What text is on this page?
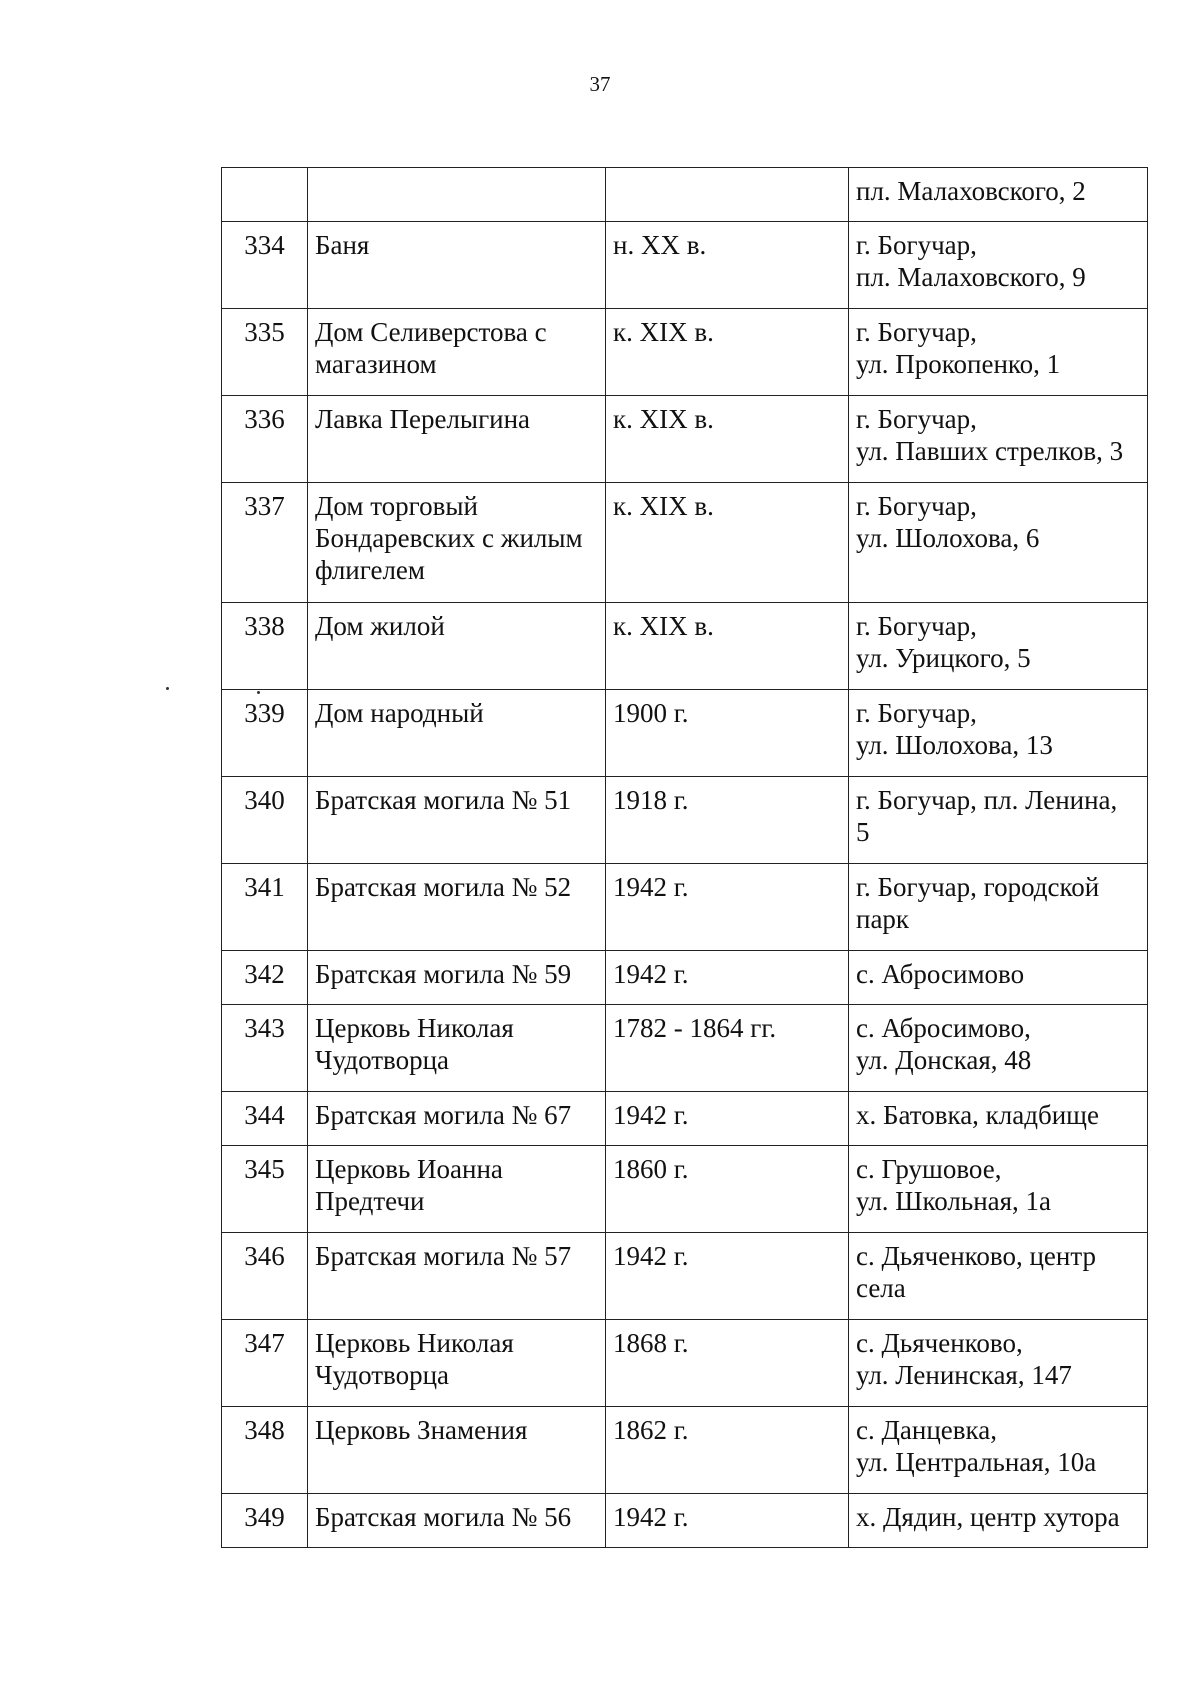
37
			пл. Малаховского, 2
334	Баня	н. XX в.	г. Богучар,
пл. Малаховского, 9
335	Дом Селиверстова с магазином	к. XIX в.	г. Богучар,
ул. Прокопенко, 1
336	Лавка Перелыгина	к. XIX в.	г. Богучар,
ул. Павших стрелков, 3
337	Дом торговый Бондаревских с жилым флигелем	к. XIX в.	г. Богучар,
ул. Шолохова, 6
338	Дом жилой	к. XIX в.	г. Богучар,
ул. Урицкого, 5
339	Дом народный	1900 г.	г. Богучар,
ул. Шолохова, 13
340	Братская могила № 51	1918 г.	г. Богучар, пл. Ленина,
5
341	Братская могила № 52	1942 г.	г. Богучар, городской
парк
342	Братская могила № 59	1942 г.	с. Абросимово
343	Церковь Николая Чудотворца	1782 - 1864 гг.	с. Абросимово,
ул. Донская, 48
344	Братская могила № 67	1942 г.	х. Батовка, кладбище
345	Церковь Иоанна Предтечи	1860 г.	с. Грушовое,
ул. Школьная, 1а
346	Братская могила № 57	1942 г.	с. Дьяченково, центр
села
347	Церковь Николая Чудотворца	1868 г.	с. Дьяченково,
ул. Ленинская, 147
348	Церковь Знамения	1862 г.	с. Данцевка,
ул. Центральная, 10а
349	Братская могила № 56	1942 г.	х. Дядин, центр хутора
